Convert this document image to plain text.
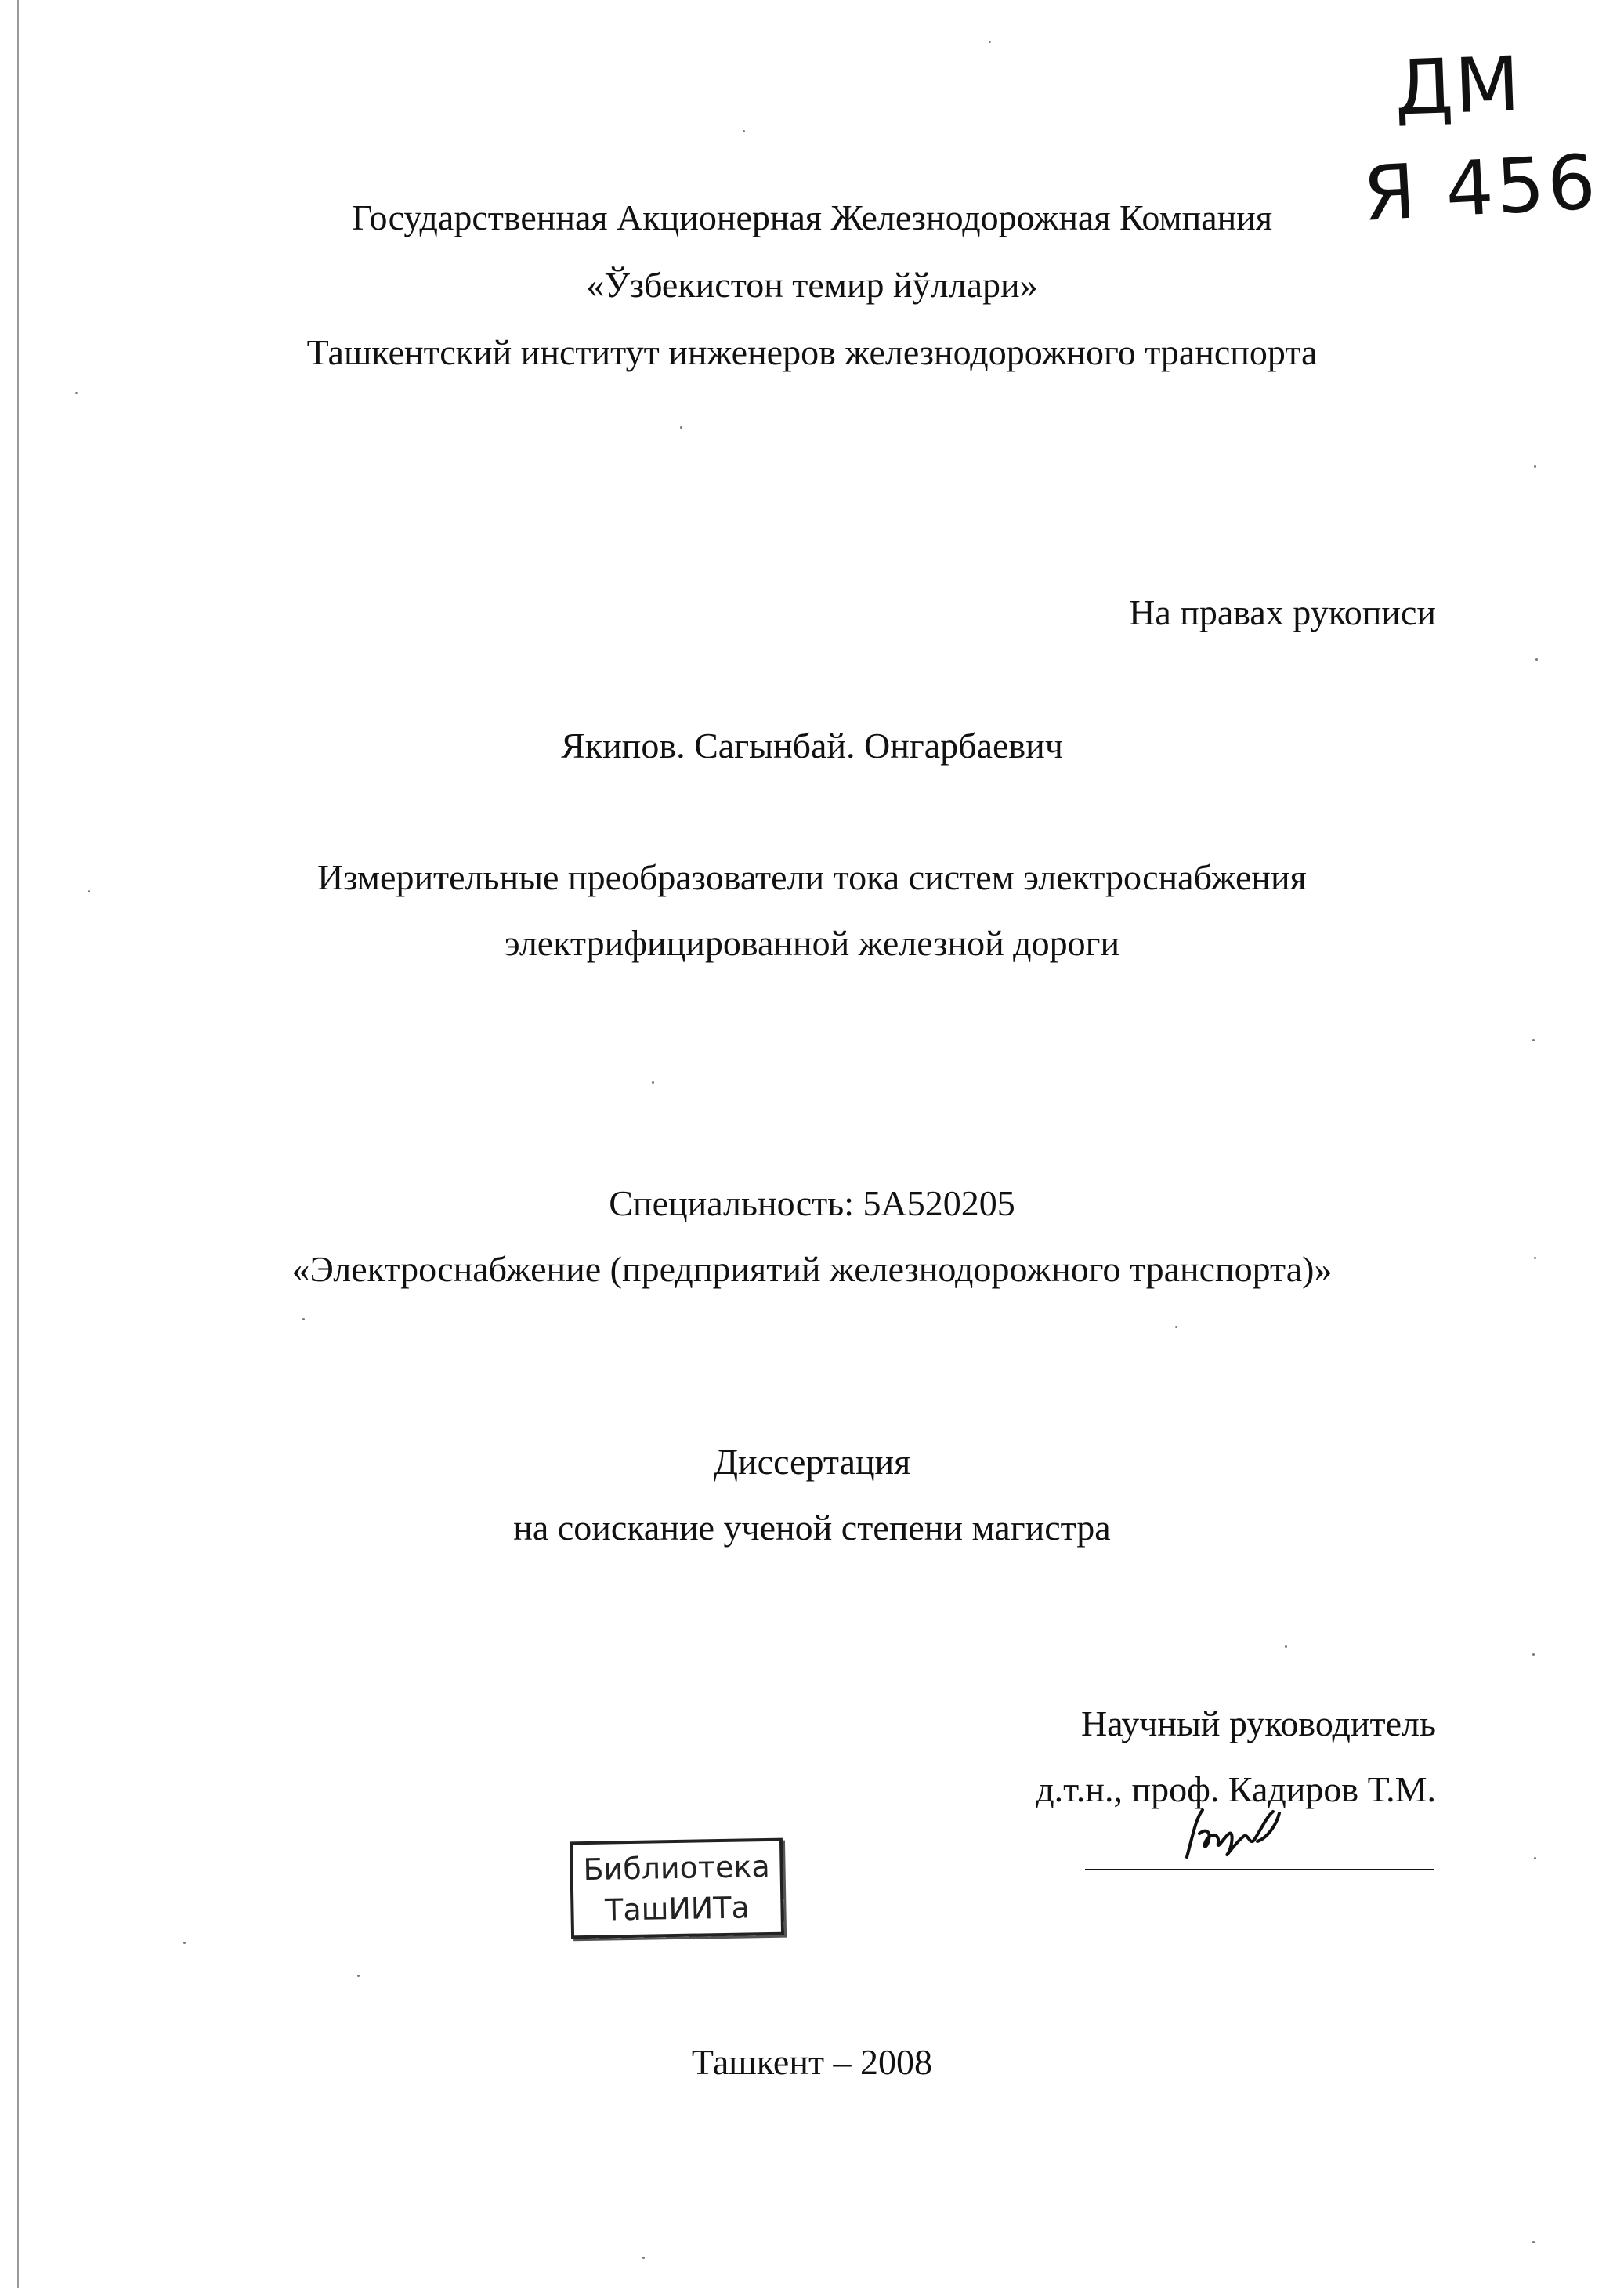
ДМ
Я 456
Государственная Акционерная Железнодорожная Компания
«Ўзбекистон темир йўллари»
Ташкентский институт инженеров железнодорожного транспорта
На правах рукописи
Якипов. Сагынбай. Онгарбаевич
Измерительные преобразователи тока систем электроснабжения
электрифицированной железной дороги
Специальность: 5А520205
«Электроснабжение (предприятий железнодорожного транспорта)»
Диссертация
на соискание ученой степени магистра
Научный руководитель
д.т.н., проф. Кадиров Т.М.
Библиотека
ТашИИТа
Ташкент – 2008
